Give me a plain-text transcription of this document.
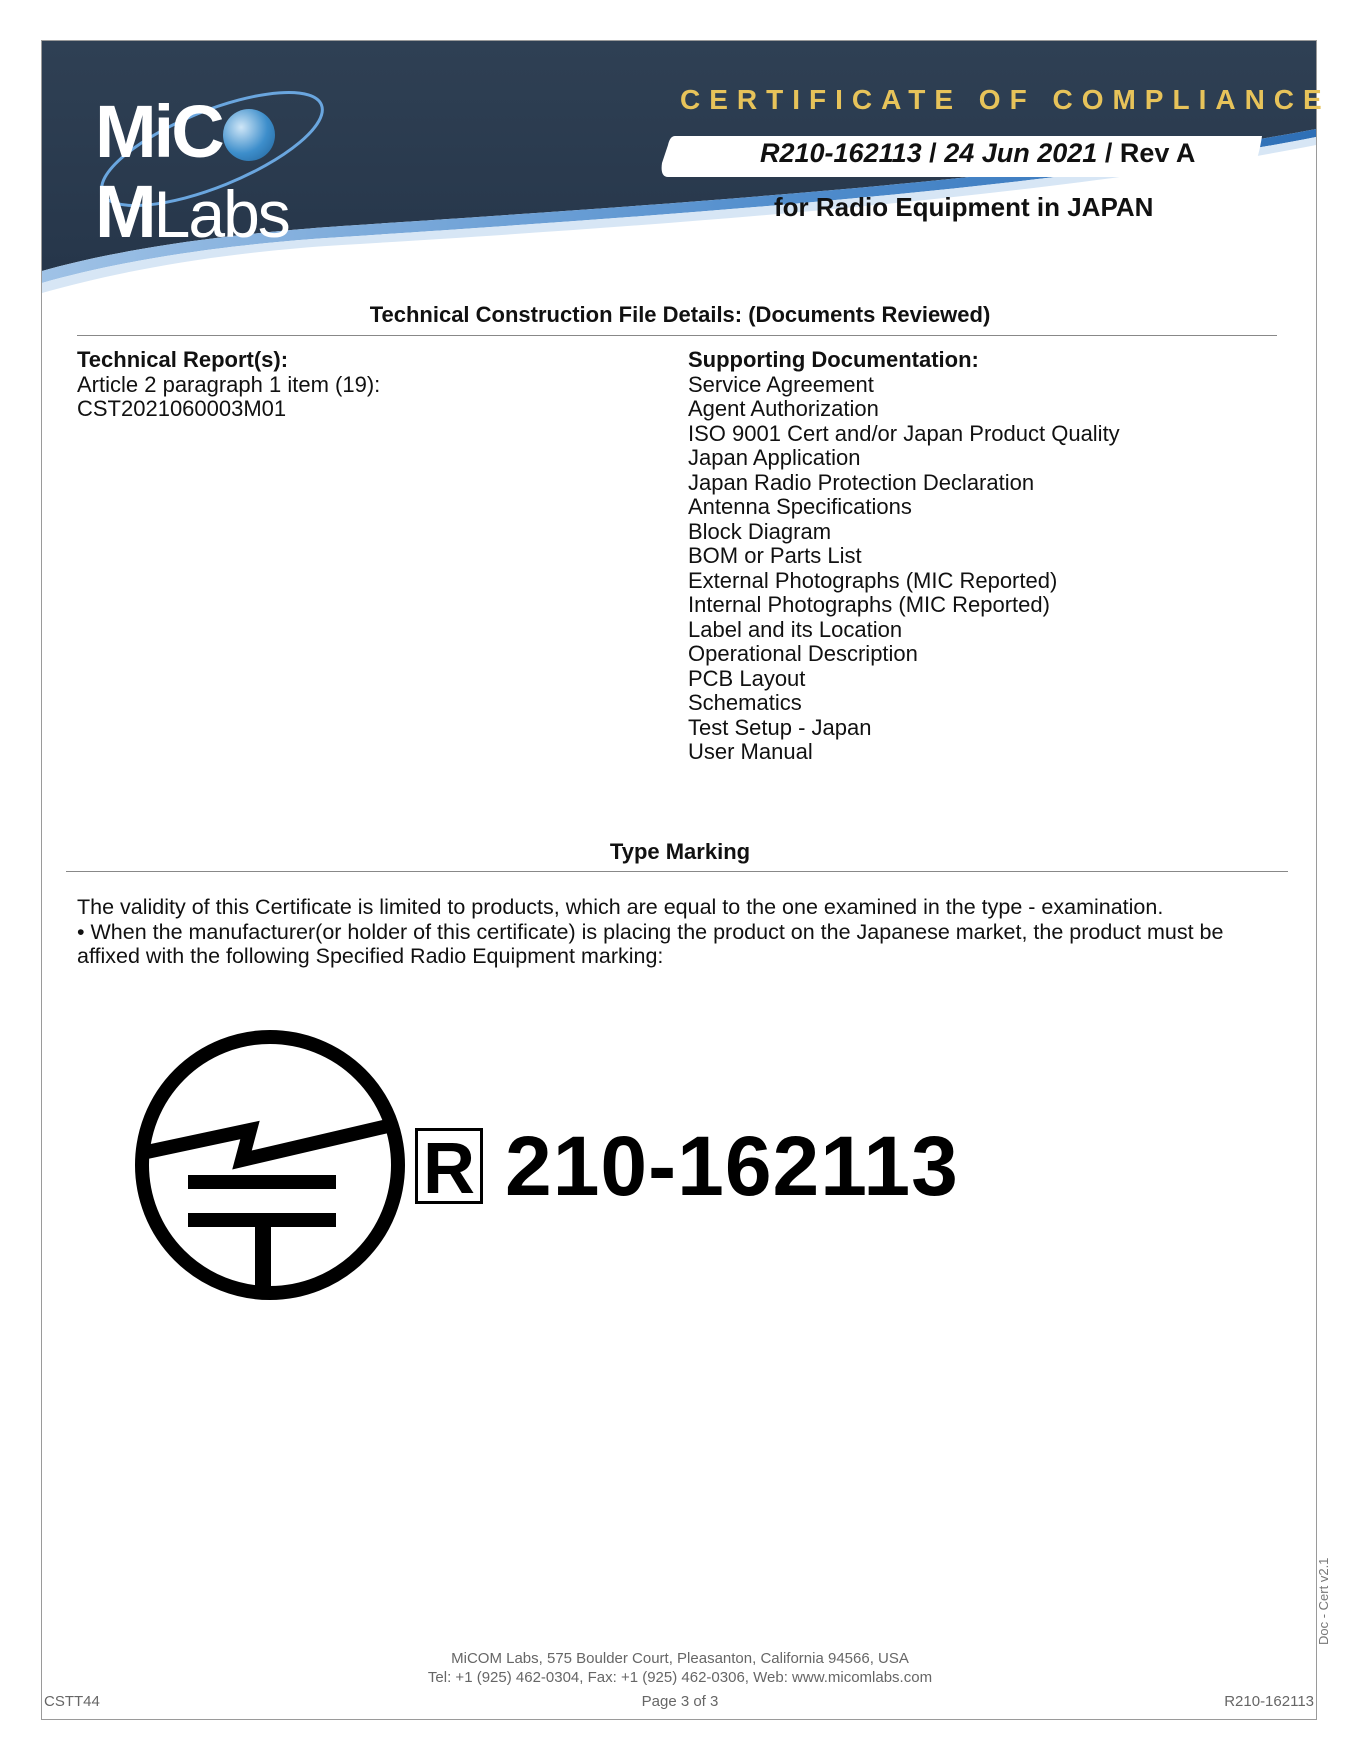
MiCMLabs
CERTIFICATE OF COMPLIANCE
R210-162113 / 24 Jun 2021 / Rev A
for Radio Equipment in JAPAN
Technical Construction File Details: (Documents Reviewed)
Technical Report(s):
Article 2 paragraph 1 item (19):
CST2021060003M01
Supporting Documentation:
Service Agreement
Agent Authorization
ISO 9001 Cert and/or Japan Product Quality
Japan Application
Japan Radio Protection Declaration
Antenna Specifications
Block Diagram
BOM or Parts List
External Photographs (MIC Reported)
Internal Photographs (MIC Reported)
Label and its Location
Operational Description
PCB Layout
Schematics
Test Setup - Japan
User Manual
Type Marking
The validity of this Certificate is limited to products, which are equal to the one examined in the type - examination.
• When the manufacturer(or holder of this certificate) is placing the product on the Japanese market, the product must be affixed with the following Specified Radio Equipment marking:
R 210-162113
MiCOM Labs, 575 Boulder Court, Pleasanton, California 94566, USA
Tel: +1 (925) 462-0304, Fax: +1 (925) 462-0306, Web: www.micomlabs.com
Page 3 of 3
CSTT44	R210-162113
Doc - Cert v2.1
